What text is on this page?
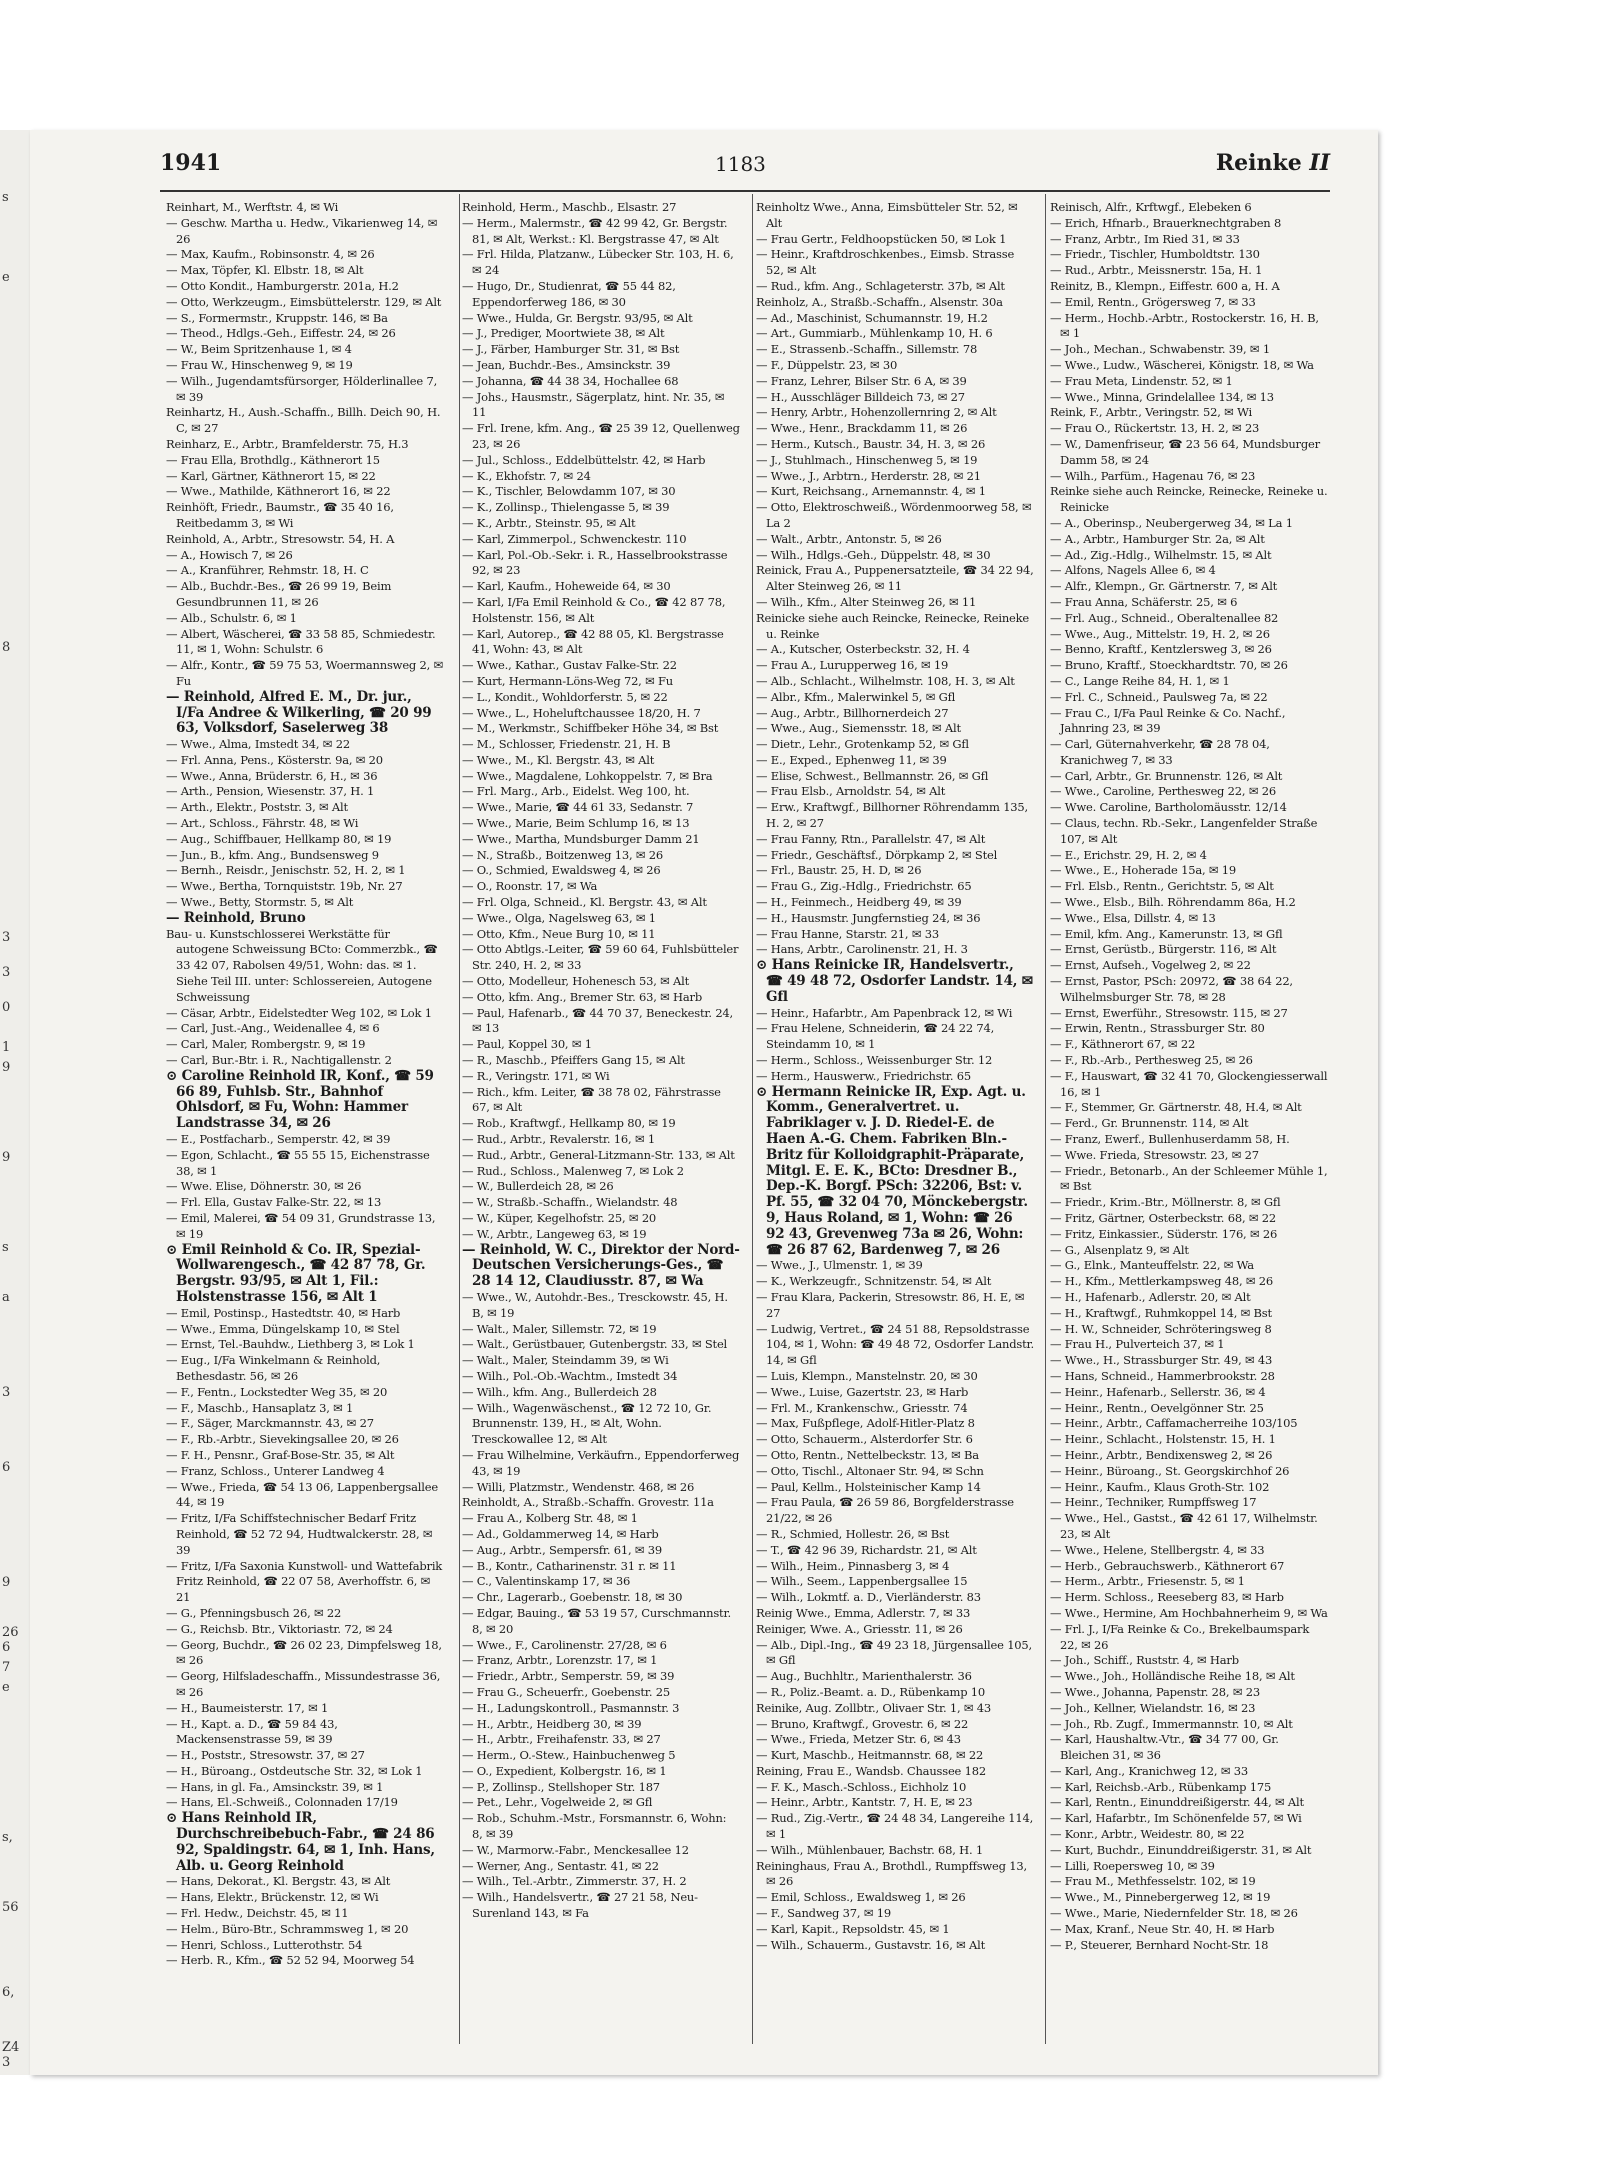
s
e
8
3
3
0
1
9
9
s
a
3
6
9
26
6
7
e
s,
56
6,
Z4
3
1941	1183	Reinke II

Reinhart, M., Werftstr. 4, ✉ Wi

— Geschw. Martha u. Hedw., Vikarienweg 14, ✉ 26

— Max, Kaufm., Robinsonstr. 4, ✉ 26

— Max, Töpfer, Kl. Elbstr. 18, ✉ Alt

— Otto Kondit., Hamburgerstr. 201a, H.2

— Otto, Werkzeugm., Eimsbüttelerstr. 129, ✉ Alt

— S., Formermstr., Kruppstr. 146, ✉ Ba

— Theod., Hdlgs.-Geh., Eiffestr. 24, ✉ 26

— W., Beim Spritzenhause 1, ✉ 4

— Frau W., Hinschenweg 9, ✉ 19

— Wilh., Jugendamtsfürsorger, Hölderlinallee 7, ✉ 39

Reinhartz, H., Aush.-Schaffn., Billh. Deich 90, H. C, ✉ 27

Reinharz, E., Arbtr., Bramfelderstr. 75, H.3

— Frau Ella, Brothdlg., Käthnerort 15

— Karl, Gärtner, Käthnerort 15, ✉ 22

— Wwe., Mathilde, Käthnerort 16, ✉ 22

Reinhöft, Friedr., Baumstr., ☎ 35 40 16, Reitbedamm 3, ✉ Wi

Reinhold, A., Arbtr., Stresowstr. 54, H. A

— A., Howisch 7, ✉ 26

— A., Kranführer, Rehmstr. 18, H. C

— Alb., Buchdr.-Bes., ☎ 26 99 19, Beim Gesundbrunnen 11, ✉ 26

— Alb., Schulstr. 6, ✉ 1

— Albert, Wäscherei, ☎ 33 58 85, Schmiedestr. 11, ✉ 1, Wohn: Schulstr. 6

— Alfr., Kontr., ☎ 59 75 53, Woermannsweg 2, ✉ Fu

— Reinhold, Alfred E. M., Dr. jur., I/Fa Andree & Wilkerling, ☎ 20 99 63, Volksdorf, Saselerweg 38

— Wwe., Alma, Imstedt 34, ✉ 22

— Frl. Anna, Pens., Kösterstr. 9a, ✉ 20

— Wwe., Anna, Brüderstr. 6, H., ✉ 36

— Arth., Pension, Wiesenstr. 37, H. 1

— Arth., Elektr., Poststr. 3, ✉ Alt

— Art., Schloss., Fährstr. 48, ✉ Wi

— Aug., Schiffbauer, Hellkamp 80, ✉ 19

— Jun., B., kfm. Ang., Bundsensweg 9

— Bernh., Reisdr., Jenischstr. 52, H. 2, ✉ 1

— Wwe., Bertha, Tornquiststr. 19b, Nr. 27

— Wwe., Betty, Stormstr. 5, ✉ Alt

— Reinhold, Bruno

Bau- u. Kunstschlosserei Werkstätte für autogene Schweissung BCto: Commerzbk., ☎ 33 42 07, Rabolsen 49/51, Wohn: das. ✉ 1. Siehe Teil III. unter: Schlossereien, Autogene Schweissung

— Cäsar, Arbtr., Eidelstedter Weg 102, ✉ Lok 1

— Carl, Just.-Ang., Weidenallee 4, ✉ 6

— Carl, Maler, Rombergstr. 9, ✉ 19

— Carl, Bur.-Btr. i. R., Nachtigallenstr. 2

⊙ Caroline Reinhold IR, Konf., ☎ 59 66 89, Fuhlsb. Str., Bahnhof Ohlsdorf, ✉ Fu, Wohn: Hammer Landstrasse 34, ✉ 26

— E., Postfacharb., Semperstr. 42, ✉ 39

— Egon, Schlacht., ☎ 55 55 15, Eichenstrasse 38, ✉ 1

— Wwe. Elise, Döhnerstr. 30, ✉ 26

— Frl. Ella, Gustav Falke-Str. 22, ✉ 13

— Emil, Malerei, ☎ 54 09 31, Grundstrasse 13, ✉ 19

⊙ Emil Reinhold & Co. IR, Spezial-Wollwarengesch., ☎ 42 87 78, Gr. Bergstr. 93/95, ✉ Alt 1, Fil.: Holstenstrasse 156, ✉ Alt 1

— Emil, Postinsp., Hastedtstr. 40, ✉ Harb

— Wwe., Emma, Düngelskamp 10, ✉ Stel

— Ernst, Tel.-Bauhdw., Liethberg 3, ✉ Lok 1

— Eug., I/Fa Winkelmann & Reinhold, Bethesdastr. 56, ✉ 26

— F., Fentn., Lockstedter Weg 35, ✉ 20

— F., Maschb., Hansaplatz 3, ✉ 1

— F., Säger, Marckmannstr. 43, ✉ 27

— F., Rb.-Arbtr., Sievekingsallee 20, ✉ 26

— F. H., Pensnr., Graf-Bose-Str. 35, ✉ Alt

— Franz, Schloss., Unterer Landweg 4

— Wwe., Frieda, ☎ 54 13 06, Lappenbergsallee 44, ✉ 19

— Fritz, I/Fa Schiffstechnischer Bedarf Fritz Reinhold, ☎ 52 72 94, Hudtwalckerstr. 28, ✉ 39

— Fritz, I/Fa Saxonia Kunstwoll- und Wattefabrik Fritz Reinhold, ☎ 22 07 58, Averhoffstr. 6, ✉ 21

— G., Pfenningsbusch 26, ✉ 22

— G., Reichsb. Btr., Viktoriastr. 72, ✉ 24

— Georg, Buchdr., ☎ 26 02 23, Dimpfelsweg 18, ✉ 26

— Georg, Hilfsladeschaffn., Missundestrasse 36, ✉ 26

— H., Baumeisterstr. 17, ✉ 1

— H., Kapt. a. D., ☎ 59 84 43, Mackensenstrasse 59, ✉ 39

— H., Poststr., Stresowstr. 37, ✉ 27

— H., Büroang., Ostdeutsche Str. 32, ✉ Lok 1

— Hans, in gl. Fa., Amsinckstr. 39, ✉ 1

— Hans, El.-Schweiß., Colonnaden 17/19

⊙ Hans Reinhold IR, Durchschreibebuch-Fabr., ☎ 24 86 92, Spaldingstr. 64, ✉ 1, Inh. Hans, Alb. u. Georg Reinhold

— Hans, Dekorat., Kl. Bergstr. 43, ✉ Alt

— Hans, Elektr., Brückenstr. 12, ✉ Wi

— Frl. Hedw., Deichstr. 45, ✉ 11

— Helm., Büro-Btr., Schrammsweg 1, ✉ 20

— Henri, Schloss., Lutterothstr. 54

— Herb. R., Kfm., ☎ 52 52 94, Moorweg 54

Reinhold, Herm., Maschb., Elsastr. 27

— Herm., Malermstr., ☎ 42 99 42, Gr. Bergstr. 81, ✉ Alt, Werkst.: Kl. Bergstrasse 47, ✉ Alt

— Frl. Hilda, Platzanw., Lübecker Str. 103, H. 6, ✉ 24

— Hugo, Dr., Studienrat, ☎ 55 44 82, Eppendorferweg 186, ✉ 30

— Wwe., Hulda, Gr. Bergstr. 93/95, ✉ Alt

— J., Prediger, Moortwiete 38, ✉ Alt

— J., Färber, Hamburger Str. 31, ✉ Bst

— Jean, Buchdr.-Bes., Amsinckstr. 39

— Johanna, ☎ 44 38 34, Hochallee 68

— Johs., Hausmstr., Sägerplatz, hint. Nr. 35, ✉ 11

— Frl. Irene, kfm. Ang., ☎ 25 39 12, Quellenweg 23, ✉ 26

— Jul., Schloss., Eddelbüttelstr. 42, ✉ Harb

— K., Ekhofstr. 7, ✉ 24

— K., Tischler, Belowdamm 107, ✉ 30

— K., Zollinsp., Thielengasse 5, ✉ 39

— K., Arbtr., Steinstr. 95, ✉ Alt

— Karl, Zimmerpol., Schwenckestr. 110

— Karl, Pol.-Ob.-Sekr. i. R., Hasselbrookstrasse 92, ✉ 23

— Karl, Kaufm., Hoheweide 64, ✉ 30

— Karl, I/Fa Emil Reinhold & Co., ☎ 42 87 78, Holstenstr. 156, ✉ Alt

— Karl, Autorep., ☎ 42 88 05, Kl. Bergstrasse 41, Wohn: 43, ✉ Alt

— Wwe., Kathar., Gustav Falke-Str. 22

— Kurt, Hermann-Löns-Weg 72, ✉ Fu

— L., Kondit., Wohldorferstr. 5, ✉ 22

— Wwe., L., Hoheluftchaussee 18/20, H. 7

— M., Werkmstr., Schiffbeker Höhe 34, ✉ Bst

— M., Schlosser, Friedenstr. 21, H. B

— Wwe., M., Kl. Bergstr. 43, ✉ Alt

— Wwe., Magdalene, Lohkoppelstr. 7, ✉ Bra

— Frl. Marg., Arb., Eidelst. Weg 100, ht.

— Wwe., Marie, ☎ 44 61 33, Sedanstr. 7

— Wwe., Marie, Beim Schlump 16, ✉ 13

— Wwe., Martha, Mundsburger Damm 21

— N., Straßb., Boitzenweg 13, ✉ 26

— O., Schmied, Ewaldsweg 4, ✉ 26

— O., Roonstr. 17, ✉ Wa

— Frl. Olga, Schneid., Kl. Bergstr. 43, ✉ Alt

— Wwe., Olga, Nagelsweg 63, ✉ 1

— Otto, Kfm., Neue Burg 10, ✉ 11

— Otto Abtlgs.-Leiter, ☎ 59 60 64, Fuhlsbütteler Str. 240, H. 2, ✉ 33

— Otto, Modelleur, Hohenesch 53, ✉ Alt

— Otto, kfm. Ang., Bremer Str. 63, ✉ Harb

— Paul, Hafenarb., ☎ 44 70 37, Beneckestr. 24, ✉ 13

— Paul, Koppel 30, ✉ 1

— R., Maschb., Pfeiffers Gang 15, ✉ Alt

— R., Veringstr. 171, ✉ Wi

— Rich., kfm. Leiter, ☎ 38 78 02, Fährstrasse 67, ✉ Alt

— Rob., Kraftwgf., Hellkamp 80, ✉ 19

— Rud., Arbtr., Revalerstr. 16, ✉ 1

— Rud., Arbtr., General-Litzmann-Str. 133, ✉ Alt

— Rud., Schloss., Malenweg 7, ✉ Lok 2

— W., Bullerdeich 28, ✉ 26

— W., Straßb.-Schaffn., Wielandstr. 48

— W., Küper, Kegelhofstr. 25, ✉ 20

— W., Arbtr., Langeweg 63, ✉ 19

— Reinhold, W. C., Direktor der Nord-Deutschen Versicherungs-Ges., ☎ 28 14 12, Claudiusstr. 87, ✉ Wa

— Wwe., W., Autohdr.-Bes., Tresckowstr. 45, H. B, ✉ 19

— Walt., Maler, Sillemstr. 72, ✉ 19

— Walt., Gerüstbauer, Gutenbergstr. 33, ✉ Stel

— Walt., Maler, Steindamm 39, ✉ Wi

— Wilh., Pol.-Ob.-Wachtm., Imstedt 34

— Wilh., kfm. Ang., Bullerdeich 28

— Wilh., Wagenwäschenst., ☎ 12 72 10, Gr. Brunnenstr. 139, H., ✉ Alt, Wohn. Tresckowallee 12, ✉ Alt

— Frau Wilhelmine, Verkäufrn., Eppendorferweg 43, ✉ 19

— Willi, Platzmstr., Wendenstr. 468, ✉ 26

Reinholdt, A., Straßb.-Schaffn. Grovestr. 11a

— Frau A., Kolberg Str. 48, ✉ 1

— Ad., Goldammerweg 14, ✉ Harb

— Aug., Arbtr., Sempersfr. 61, ✉ 39

— B., Kontr., Catharinenstr. 31 r. ✉ 11

— C., Valentinskamp 17, ✉ 36

— Chr., Lagerarb., Goebenstr. 18, ✉ 30

— Edgar, Bauing., ☎ 53 19 57, Curschmannstr. 8, ✉ 20

— Wwe., F., Carolinenstr. 27/28, ✉ 6

— Franz, Arbtr., Lorenzstr. 17, ✉ 1

— Friedr., Arbtr., Semperstr. 59, ✉ 39

— Frau G., Scheuerfr., Goebenstr. 25

— H., Ladungskontroll., Pasmannstr. 3

— H., Arbtr., Heidberg 30, ✉ 39

— H., Arbtr., Freihafenstr. 33, ✉ 27

— Herm., O.-Stew., Hainbuchenweg 5

— O., Expedient, Kolbergstr. 16, ✉ 1

— P., Zollinsp., Stellshoper Str. 187

— Pet., Lehr., Vogelweide 2, ✉ Gfl

— Rob., Schuhm.-Mstr., Forsmannstr. 6, Wohn: 8, ✉ 39

— W., Marmorw.-Fabr., Menckesallee 12

— Werner, Ang., Sentastr. 41, ✉ 22

— Wilh., Tel.-Arbtr., Zimmerstr. 37, H. 2

— Wilh., Handelsvertr., ☎ 27 21 58, Neu-Surenland 143, ✉ Fa

Reinholtz Wwe., Anna, Eimsbütteler Str. 52, ✉ Alt

— Frau Gertr., Feldhoopstücken 50, ✉ Lok 1

— Heinr., Kraftdroschkenbes., Eimsb. Strasse 52, ✉ Alt

— Rud., kfm. Ang., Schlageterstr. 37b, ✉ Alt

Reinholz, A., Straßb.-Schaffn., Alsenstr. 30a

— Ad., Maschinist, Schumannstr. 19, H.2

— Art., Gummiarb., Mühlenkamp 10, H. 6

— E., Strassenb.-Schaffn., Sillemstr. 78

— F., Düppelstr. 23, ✉ 30

— Franz, Lehrer, Bilser Str. 6 A, ✉ 39

— H., Ausschläger Billdeich 73, ✉ 27

— Henry, Arbtr., Hohenzollernring 2, ✉ Alt

— Wwe., Henr., Brackdamm 11, ✉ 26

— Herm., Kutsch., Baustr. 34, H. 3, ✉ 26

— J., Stuhlmach., Hinschenweg 5, ✉ 19

— Wwe., J., Arbtrn., Herderstr. 28, ✉ 21

— Kurt, Reichsang., Arnemannstr. 4, ✉ 1

— Otto, Elektroschweiß., Wördenmoorweg 58, ✉ La 2

— Walt., Arbtr., Antonstr. 5, ✉ 26

— Wilh., Hdlgs.-Geh., Düppelstr. 48, ✉ 30

Reinick, Frau A., Puppenersatzteile, ☎ 34 22 94, Alter Steinweg 26, ✉ 11

— Wilh., Kfm., Alter Steinweg 26, ✉ 11

Reinicke siehe auch Reincke, Reinecke, Reineke u. Reinke

— A., Kutscher, Osterbeckstr. 32, H. 4

— Frau A., Lurupperweg 16, ✉ 19

— Alb., Schlacht., Wilhelmstr. 108, H. 3, ✉ Alt

— Albr., Kfm., Malerwinkel 5, ✉ Gfl

— Aug., Arbtr., Billhornerdeich 27

— Wwe., Aug., Siemensstr. 18, ✉ Alt

— Dietr., Lehr., Grotenkamp 52, ✉ Gfl

— E., Exped., Ephenweg 11, ✉ 39

— Elise, Schwest., Bellmannstr. 26, ✉ Gfl

— Frau Elsb., Arnoldstr. 54, ✉ Alt

— Erw., Kraftwgf., Billhorner Röhrendamm 135, H. 2, ✉ 27

— Frau Fanny, Rtn., Parallelstr. 47, ✉ Alt

— Friedr., Geschäftsf., Dörpkamp 2, ✉ Stel

— Frl., Baustr. 25, H. D, ✉ 26

— Frau G., Zig.-Hdlg., Friedrichstr. 65

— H., Feinmech., Heidberg 49, ✉ 39

— H., Hausmstr. Jungfernstieg 24, ✉ 36

— Frau Hanne, Starstr. 21, ✉ 33

— Hans, Arbtr., Carolinenstr. 21, H. 3

⊙ Hans Reinicke IR, Handelsvertr., ☎ 49 48 72, Osdorfer Landstr. 14, ✉ Gfl

— Heinr., Hafarbtr., Am Papenbrack 12, ✉ Wi

— Frau Helene, Schneiderin, ☎ 24 22 74, Steindamm 10, ✉ 1

— Herm., Schloss., Weissenburger Str. 12

— Herm., Hauswerw., Friedrichstr. 65

⊙ Hermann Reinicke IR, Exp. Agt. u. Komm., Generalvertret. u. Fabriklager v. J. D. Riedel-E. de Haen A.-G. Chem. Fabriken Bln.-Britz für Kolloidgraphit-Präparate, Mitgl. E. E. K., BCto: Dresdner B., Dep.-K. Borgf. PSch: 32206, Bst: v. Pf. 55, ☎ 32 04 70, Mönckebergstr. 9, Haus Roland, ✉ 1, Wohn: ☎ 26 92 43, Grevenweg 73a ✉ 26, Wohn: ☎ 26 87 62, Bardenweg 7, ✉ 26

— Wwe., J., Ulmenstr. 1, ✉ 39

— K., Werkzeugfr., Schnitzenstr. 54, ✉ Alt

— Frau Klara, Packerin, Stresowstr. 86, H. E, ✉ 27

— Ludwig, Vertret., ☎ 24 51 88, Repsoldstrasse 104, ✉ 1, Wohn: ☎ 49 48 72, Osdorfer Landstr. 14, ✉ Gfl

— Luis, Klempn., Manstelnstr. 20, ✉ 30

— Wwe., Luise, Gazertstr. 23, ✉ Harb

— Frl. M., Krankenschw., Griesstr. 74

— Max, Fußpflege, Adolf-Hitler-Platz 8

— Otto, Schauerm., Alsterdorfer Str. 6

— Otto, Rentn., Nettelbeckstr. 13, ✉ Ba

— Otto, Tischl., Altonaer Str. 94, ✉ Schn

— Paul, Kellm., Holsteinischer Kamp 14

— Frau Paula, ☎ 26 59 86, Borgfelderstrasse 21/22, ✉ 26

— R., Schmied, Hollestr. 26, ✉ Bst

— T., ☎ 42 96 39, Richardstr. 21, ✉ Alt

— Wilh., Heim., Pinnasberg 3, ✉ 4

— Wilh., Seem., Lappenbergsallee 15

— Wilh., Lokmtf. a. D., Vierländerstr. 83

Reinig Wwe., Emma, Adlerstr. 7, ✉ 33

Reiniger, Wwe. A., Griesstr. 11, ✉ 26

— Alb., Dipl.-Ing., ☎ 49 23 18, Jürgensallee 105, ✉ Gfl

— Aug., Buchhltr., Marienthalerstr. 36

— R., Poliz.-Beamt. a. D., Rübenkamp 10

Reinike, Aug. Zollbtr., Olivaer Str. 1, ✉ 43

— Bruno, Kraftwgf., Grovestr. 6, ✉ 22

— Wwe., Frieda, Metzer Str. 6, ✉ 43

— Kurt, Maschb., Heitmannstr. 68, ✉ 22

Reining, Frau E., Wandsb. Chaussee 182

— F. K., Masch.-Schloss., Eichholz 10

— Heinr., Arbtr., Kantstr. 7, H. E, ✉ 23

— Rud., Zig.-Vertr., ☎ 24 48 34, Langereihe 114, ✉ 1

— Wilh., Mühlenbauer, Bachstr. 68, H. 1

Reininghaus, Frau A., Brothdl., Rumpffsweg 13, ✉ 26

— Emil, Schloss., Ewaldsweg 1, ✉ 26

— F., Sandweg 37, ✉ 19

— Karl, Kapit., Repsoldstr. 45, ✉ 1

— Wilh., Schauerm., Gustavstr. 16, ✉ Alt

Reinisch, Alfr., Krftwgf., Elebeken 6

— Erich, Hfnarb., Brauerknechtgraben 8

— Franz, Arbtr., Im Ried 31, ✉ 33

— Friedr., Tischler, Humboldtstr. 130

— Rud., Arbtr., Meissnerstr. 15a, H. 1

Reinitz, B., Klempn., Eiffestr. 600 a, H. A

— Emil, Rentn., Grögersweg 7, ✉ 33

— Herm., Hochb.-Arbtr., Rostockerstr. 16, H. B, ✉ 1

— Joh., Mechan., Schwabenstr. 39, ✉ 1

— Wwe., Ludw., Wäscherei, Königstr. 18, ✉ Wa

— Frau Meta, Lindenstr. 52, ✉ 1

— Wwe., Minna, Grindelallee 134, ✉ 13

Reink, F., Arbtr., Veringstr. 52, ✉ Wi

— Frau O., Rückertstr. 13, H. 2, ✉ 23

— W., Damenfriseur, ☎ 23 56 64, Mundsburger Damm 58, ✉ 24

— Wilh., Parfüm., Hagenau 76, ✉ 23

Reinke siehe auch Reincke, Reinecke, Reineke u. Reinicke

— A., Oberinsp., Neubergerweg 34, ✉ La 1

— A., Arbtr., Hamburger Str. 2a, ✉ Alt

— Ad., Zig.-Hdlg., Wilhelmstr. 15, ✉ Alt

— Alfons, Nagels Allee 6, ✉ 4

— Alfr., Klempn., Gr. Gärtnerstr. 7, ✉ Alt

— Frau Anna, Schäferstr. 25, ✉ 6

— Frl. Aug., Schneid., Oberaltenallee 82

— Wwe., Aug., Mittelstr. 19, H. 2, ✉ 26

— Benno, Kraftf., Kentzlersweg 3, ✉ 26

— Bruno, Kraftf., Stoeckhardtstr. 70, ✉ 26

— C., Lange Reihe 84, H. 1, ✉ 1

— Frl. C., Schneid., Paulsweg 7a, ✉ 22

— Frau C., I/Fa Paul Reinke & Co. Nachf., Jahnring 23, ✉ 39

— Carl, Güternahverkehr, ☎ 28 78 04, Kranichweg 7, ✉ 33

— Carl, Arbtr., Gr. Brunnenstr. 126, ✉ Alt

— Wwe., Caroline, Perthesweg 22, ✉ 26

— Wwe. Caroline, Bartholomäusstr. 12/14

— Claus, techn. Rb.-Sekr., Langenfelder Straße 107, ✉ Alt

— E., Erichstr. 29, H. 2, ✉ 4

— Wwe., E., Hoherade 15a, ✉ 19

— Frl. Elsb., Rentn., Gerichtstr. 5, ✉ Alt

— Wwe., Elsb., Bilh. Röhrendamm 86a, H.2

— Wwe., Elsa, Dillstr. 4, ✉ 13

— Emil, kfm. Ang., Kamerunstr. 13, ✉ Gfl

— Ernst, Gerüstb., Bürgerstr. 116, ✉ Alt

— Ernst, Aufseh., Vogelweg 2, ✉ 22

— Ernst, Pastor, PSch: 20972, ☎ 38 64 22, Wilhelmsburger Str. 78, ✉ 28

— Ernst, Ewerführ., Stresowstr. 115, ✉ 27

— Erwin, Rentn., Strassburger Str. 80

— F., Käthnerort 67, ✉ 22

— F., Rb.-Arb., Perthesweg 25, ✉ 26

— F., Hauswart, ☎ 32 41 70, Glockengiesserwall 16, ✉ 1

— F., Stemmer, Gr. Gärtnerstr. 48, H.4, ✉ Alt

— Ferd., Gr. Brunnenstr. 114, ✉ Alt

— Franz, Ewerf., Bullenhuserdamm 58, H.

— Wwe. Frieda, Stresowstr. 23, ✉ 27

— Friedr., Betonarb., An der Schleemer Mühle 1, ✉ Bst

— Friedr., Krim.-Btr., Möllnerstr. 8, ✉ Gfl

— Fritz, Gärtner, Osterbeckstr. 68, ✉ 22

— Fritz, Einkassier., Süderstr. 176, ✉ 26

— G., Alsenplatz 9, ✉ Alt

— G., Elnk., Manteuffelstr. 22, ✉ Wa

— H., Kfm., Mettlerkampsweg 48, ✉ 26

— H., Hafenarb., Adlerstr. 20, ✉ Alt

— H., Kraftwgf., Ruhmkoppel 14, ✉ Bst

— H. W., Schneider, Schröteringsweg 8

— Frau H., Pulverteich 37, ✉ 1

— Wwe., H., Strassburger Str. 49, ✉ 43

— Hans, Schneid., Hammerbrookstr. 28

— Heinr., Hafenarb., Sellerstr. 36, ✉ 4

— Heinr., Rentn., Oevelgönner Str. 25

— Heinr., Arbtr., Caffamacherreihe 103/105

— Heinr., Schlacht., Holstenstr. 15, H. 1

— Heinr., Arbtr., Bendixensweg 2, ✉ 26

— Heinr., Büroang., St. Georgskirchhof 26

— Heinr., Kaufm., Klaus Groth-Str. 102

— Heinr., Techniker, Rumpffsweg 17

— Wwe., Hel., Gastst., ☎ 42 61 17, Wilhelmstr. 23, ✉ Alt

— Wwe., Helene, Stellbergstr. 4, ✉ 33

— Herb., Gebrauchswerb., Käthnerort 67

— Herm., Arbtr., Friesenstr. 5, ✉ 1

— Herm. Schloss., Reeseberg 83, ✉ Harb

— Wwe., Hermine, Am Hochbahnerheim 9, ✉ Wa

— Frl. J., I/Fa Reinke & Co., Brekelbaumspark 22, ✉ 26

— Joh., Schiff., Ruststr. 4, ✉ Harb

— Wwe., Joh., Holländische Reihe 18, ✉ Alt

— Wwe., Johanna, Papenstr. 28, ✉ 23

— Joh., Kellner, Wielandstr. 16, ✉ 23

— Joh., Rb. Zugf., Immermannstr. 10, ✉ Alt

— Karl, Haushaltw.-Vtr., ☎ 34 77 00, Gr. Bleichen 31, ✉ 36

— Karl, Ang., Kranichweg 12, ✉ 33

— Karl, Reichsb.-Arb., Rübenkamp 175

— Karl, Rentn., Einunddreißigerstr. 44, ✉ Alt

— Karl, Hafarbtr., Im Schönenfelde 57, ✉ Wi

— Konr., Arbtr., Weidestr. 80, ✉ 22

— Kurt, Buchdr., Einunddreißigerstr. 31, ✉ Alt

— Lilli, Roepersweg 10, ✉ 39

— Frau M., Methfesselstr. 102, ✉ 19

— Wwe., M., Pinnebergerweg 12, ✉ 19

— Wwe., Marie, Niedernfelder Str. 18, ✉ 26

— Max, Kranf., Neue Str. 40, H. ✉ Harb

— P., Steuerer, Bernhard Nocht-Str. 18
